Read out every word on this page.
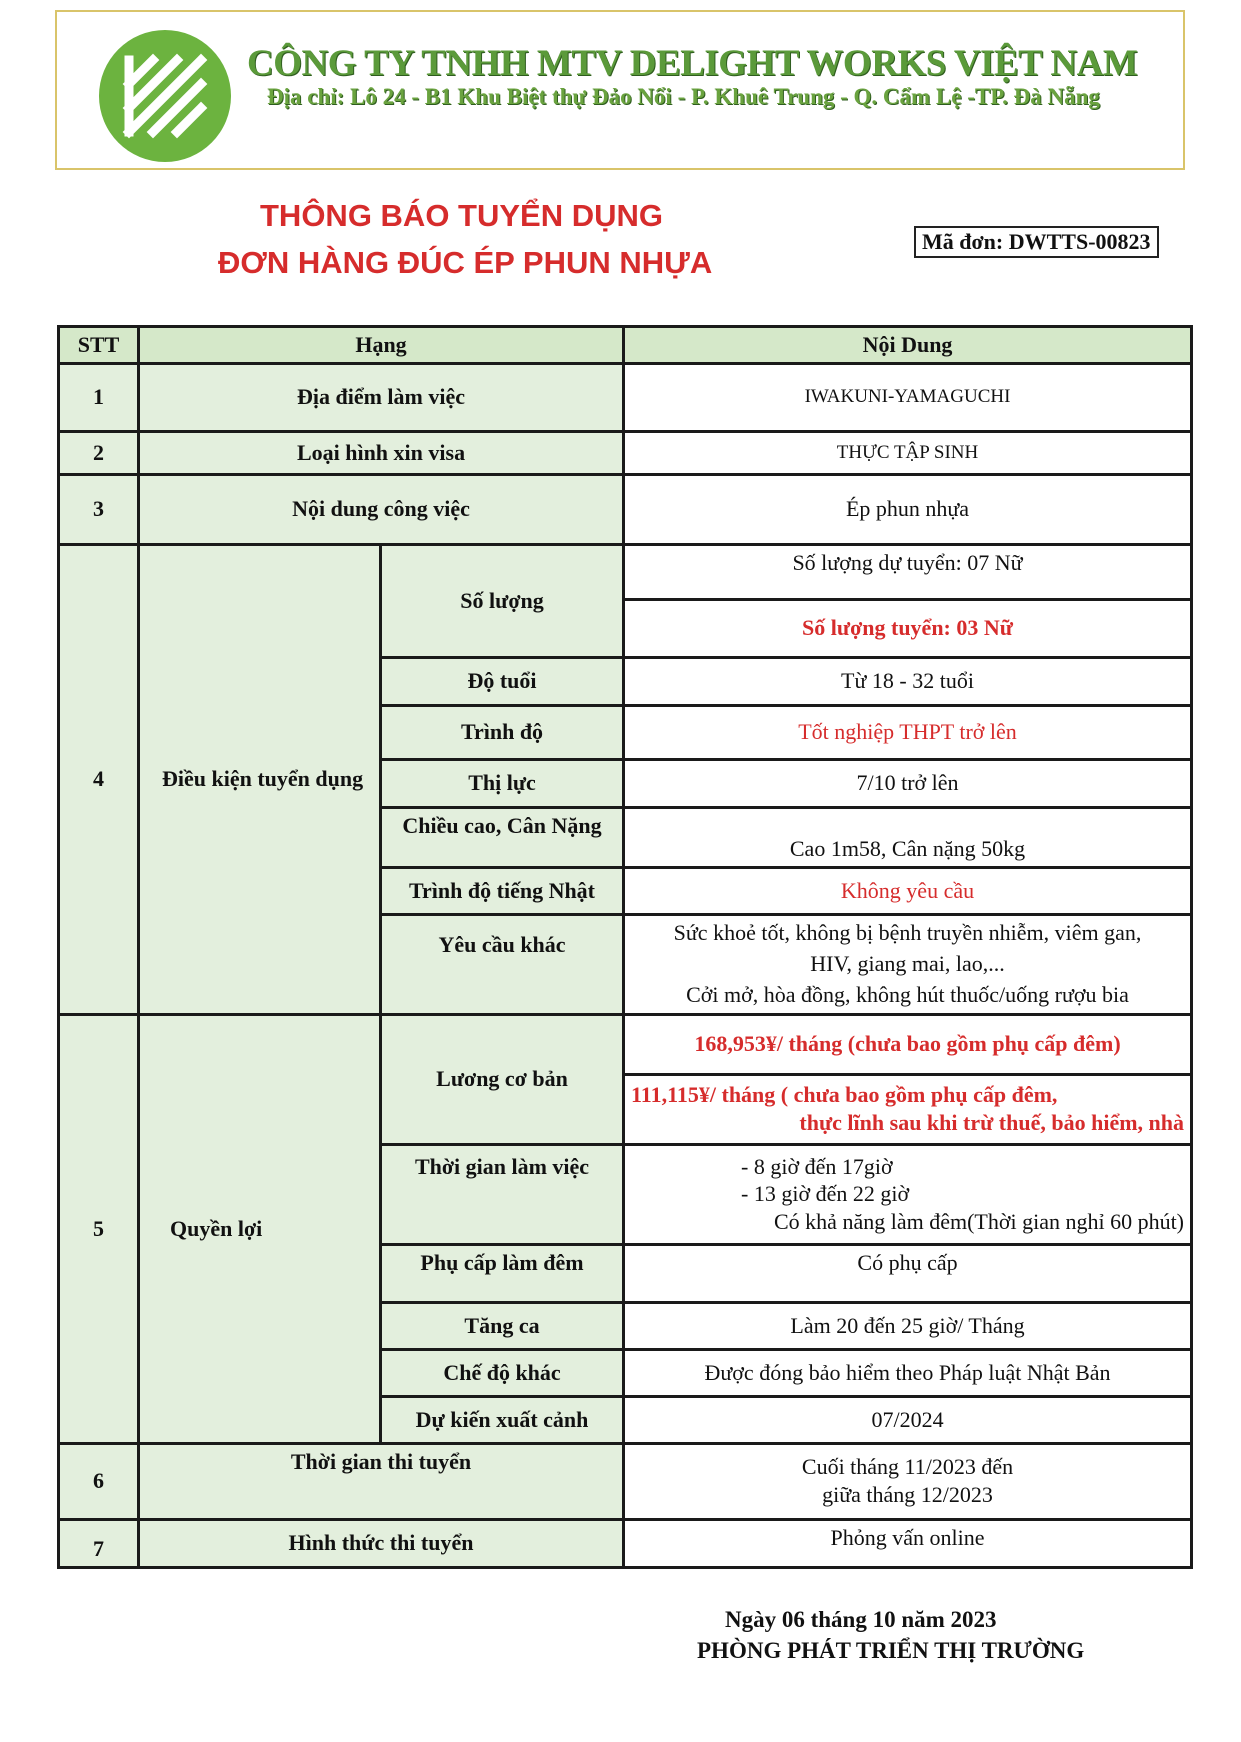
CÔNG TY TNHH MTV DELIGHT WORKS VIỆT NAM
Địa chỉ: Lô 24 - B1 Khu Biệt thự Đảo Nổi - P. Khuê Trung - Q. Cẩm Lệ -TP. Đà Nẵng
THÔNG BÁO TUYỂN DỤNG
ĐƠN HÀNG ĐÚC ÉP PHUN NHỰA
Mã đơn: DWTTS-00823
STT	Hạng		Nội Dung
1	Địa điểm làm việc		IWAKUNI-YAMAGUCHI
2	Loại hình xin visa		THỰC TẬP SINH
3	Nội dung công việc		Ép phun nhựa
4	Điều kiện tuyển dụng	Số lượng	Số lượng dự tuyển: 07 Nữ
			Số lượng tuyển: 03 Nữ
		Độ tuổi	Từ 18 - 32 tuổi
		Trình độ	Tốt nghiệp THPT trở lên
		Thị lực	7/10 trở lên
		Chiều cao, Cân Nặng	Cao 1m58, Cân nặng 50kg
		Trình độ tiếng Nhật	Không yêu cầu
		Yêu cầu khác	Sức khoẻ tốt, không bị bệnh truyền nhiễm, viêm gan,
HIV, giang mai, lao,...
Cởi mở, hòa đồng, không hút thuốc/uống rượu bia

5	Quyền lợi	Lương cơ bản	168,953¥/ tháng (chưa bao gồm phụ cấp đêm)

			111,115¥/ tháng ( chưa bao gồm phụ cấp đêm,
thực lĩnh sau khi trừ thuế, bảo hiểm, nhà

		Thời gian làm việc	- 8 giờ đến 17giờ
- 13 giờ đến 22 giờ
Có khả năng làm đêm(Thời gian nghỉ 60 phút)

		Phụ cấp làm đêm	Có phụ cấp
		Tăng ca	Làm 20 đến 25 giờ/ Tháng
		Chế độ khác	Được đóng bảo hiểm theo Pháp luật Nhật Bản
		Dự kiến xuất cảnh	07/2024

6	Thời gian thi tuyển		Cuối tháng 11/2023 đến
giữa tháng 12/2023

7	Hình thức thi tuyển		Phỏng vấn online
Ngày 06 tháng 10 năm 2023
PHÒNG PHÁT TRIỂN THỊ TRƯỜNG
